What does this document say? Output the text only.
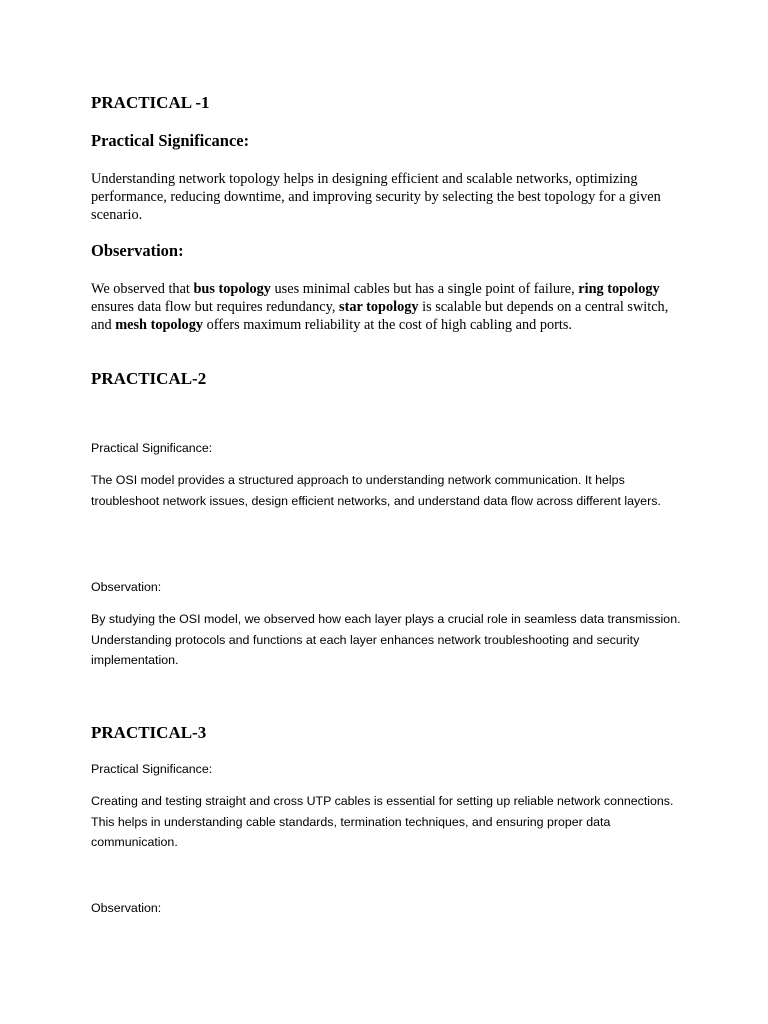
PRACTICAL -1
Practical Significance:

Understanding network topology helps in designing efficient and scalable networks, optimizing performance, reducing downtime, and improving security by selecting the best topology for a given scenario.

Observation:

We observed that bus topology uses minimal cables but has a single point of failure, ring topology ensures data flow but requires redundancy, star topology is scalable but depends on a central switch, and mesh topology offers maximum reliability at the cost of high cabling and ports.

PRACTICAL-2
Practical Significance:

The OSI model provides a structured approach to understanding network communication. It helps troubleshoot network issues, design efficient networks, and understand data flow across different layers.

Observation:

By studying the OSI model, we observed how each layer plays a crucial role in seamless data transmission. Understanding protocols and functions at each layer enhances network troubleshooting and security implementation.

PRACTICAL-3
Practical Significance:

Creating and testing straight and cross UTP cables is essential for setting up reliable network connections. This helps in understanding cable standards, termination techniques, and ensuring proper data communication.

Observation:
